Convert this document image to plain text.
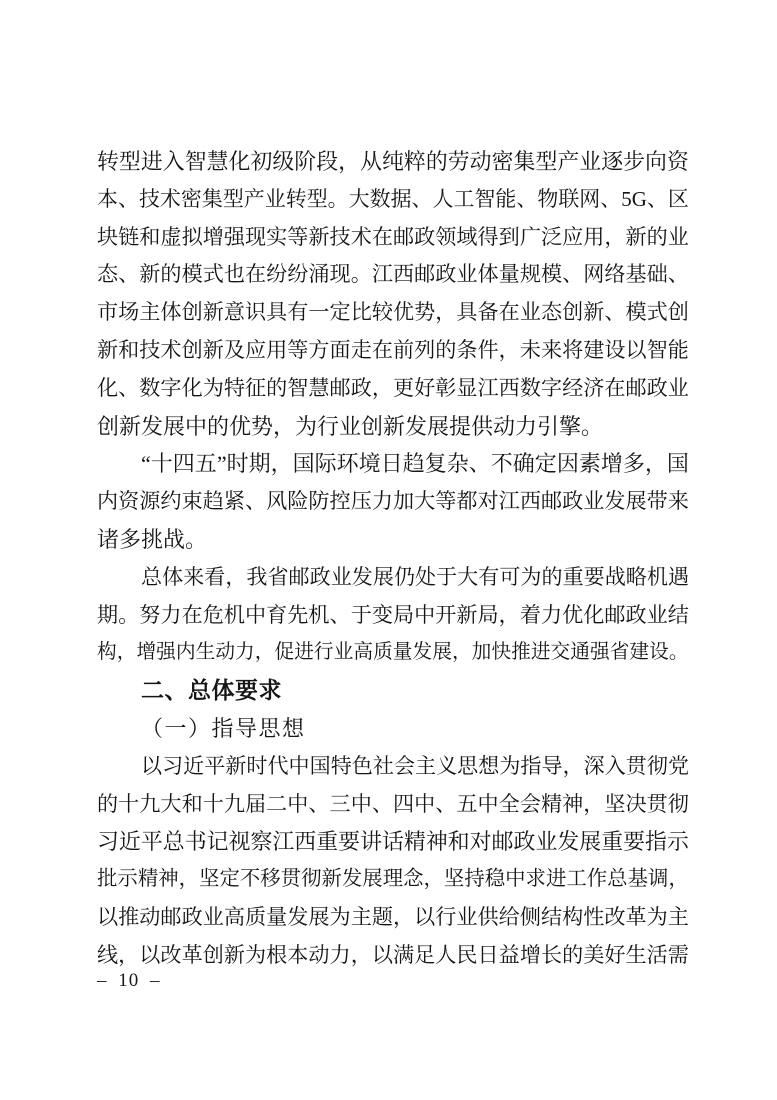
转 型 进 入 智 慧 化 初 级 阶 段 ， 从 纯 粹 的 劳 动 密 集 型 产 业 逐 步 向 资
本 、 技 术 密 集 型 产 业 转 型 。 大 数 据 、 人 工 智 能 、 物 联 网 、 5 G 、 区
块 链 和 虚 拟 增 强 现 实 等 新 技 术 在 邮 政 领 域 得 到 广 泛 应 用 ， 新 的 业
态 、 新 的 模 式 也 在 纷 纷 涌 现 。 江 西 邮 政 业 体 量 规 模 、 网 络 基 础 、
市 场 主 体 创 新 意 识 具 有 一 定 比 较 优 势 ， 具 备 在 业 态 创 新 、 模 式 创
新 和 技 术 创 新 及 应 用 等 方 面 走 在 前 列 的 条 件 ， 未 来 将 建 设 以 智 能
化 、 数 字 化 为 特 征 的 智 慧 邮 政 ， 更 好 彰 显 江 西 数 字 经 济 在 邮 政 业
创新发展中的优势，为行业创新发展提供动力引擎。
“ 十 四 五 ” 时 期 ， 国 际 环 境 日 趋 复 杂 、 不 确 定 因 素 增 多 ， 国
内 资 源 约 束 趋 紧 、 风 险 防 控 压 力 加 大 等 都 对 江 西 邮 政 业 发 展 带 来
诸多挑战。
总 体 来 看 ， 我 省 邮 政 业 发 展 仍 处 于 大 有 可 为 的 重 要 战 略 机 遇
期 。 努 力 在 危 机 中 育 先 机 、 于 变 局 中 开 新 局 ， 着 力 优 化 邮 政 业 结
构 ， 增 强 内 生 动 力 ， 促 进 行 业 高 质 量 发 展 ， 加 快 推 进 交 通 强 省 建 设 。
二、总体要求
（一）指导思想
以 习 近 平 新 时 代 中 国 特 色 社 会 主 义 思 想 为 指 导 ， 深 入 贯 彻 党
的 十 九 大 和 十 九 届 二 中 、 三 中 、 四 中 、 五 中 全 会 精 神 ， 坚 决 贯 彻
习 近 平 总 书 记 视 察 江 西 重 要 讲 话 精 神 和 对 邮 政 业 发 展 重 要 指 示
批 示 精 神 ， 坚 定 不 移 贯 彻 新 发 展 理 念 ， 坚 持 稳 中 求 进 工 作 总 基 调 ，
以 推 动 邮 政 业 高 质 量 发 展 为 主 题 ， 以 行 业 供 给 侧 结 构 性 改 革 为 主
线 ， 以 改 革 创 新 为 根 本 动 力 ， 以 满 足 人 民 日 益 增 长 的 美 好 生 活 需
– 10 –
